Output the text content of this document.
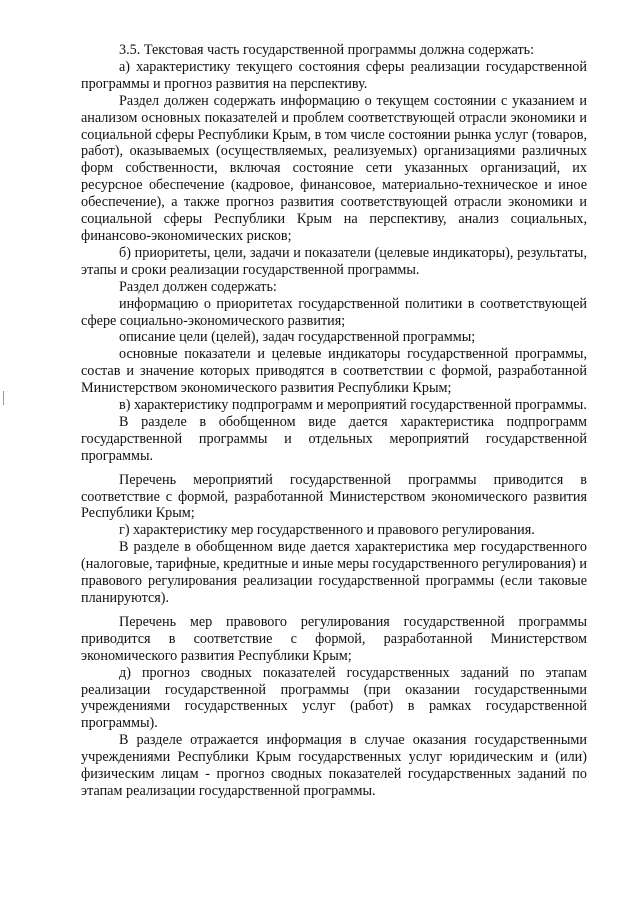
3.5. Текстовая часть государственной программы должна содержать:

а) характеристику текущего состояния сферы реализации государственной программы и прогноз развития на перспективу.

Раздел должен содержать информацию о текущем состоянии с указанием и анализом основных показателей и проблем соответствующей отрасли экономики и социальной сферы Республики Крым, в том числе состоянии рынка услуг (товаров, работ), оказываемых (осуществляемых, реализуемых) организациями различных форм собственности, включая состояние сети указанных организаций, их ресурсное обеспечение (кадровое, финансовое, материально-техническое и иное обеспечение), а также прогноз развития соответствующей отрасли экономики и социальной сферы Республики Крым на перспективу, анализ социальных, финансово-экономических рисков;

б) приоритеты, цели, задачи и показатели (целевые индикаторы), результаты, этапы и сроки реализации государственной программы.

Раздел должен содержать:

информацию о приоритетах государственной политики в соответствующей сфере социально-экономического развития;

описание цели (целей), задач государственной программы;

основные показатели и целевые индикаторы государственной программы, состав и значение которых приводятся в соответствии с формой, разработанной Министерством экономического развития Республики Крым;

в) характеристику подпрограмм и мероприятий государственной программы.

В разделе в обобщенном виде дается характеристика подпрограмм государственной программы и отдельных мероприятий государственной программы.

Перечень мероприятий государственной программы приводится в соответствие с формой, разработанной Министерством экономического развития Республики Крым;

г) характеристику мер государственного и правового регулирования.

В разделе в обобщенном виде дается характеристика мер государственного (налоговые, тарифные, кредитные и иные меры государственного регулирования) и правового регулирования реализации государственной программы (если таковые планируются).

Перечень мер правового регулирования государственной программы приводится в соответствие с формой, разработанной Министерством экономического развития Республики Крым;

д) прогноз сводных показателей государственных заданий по этапам реализации государственной программы (при оказании государственными учреждениями государственных услуг (работ) в рамках государственной программы).

В разделе отражается информация в случае оказания государственными учреждениями Республики Крым государственных услуг юридическим и (или) физическим лицам - прогноз сводных показателей государственных заданий по этапам реализации государственной программы.
